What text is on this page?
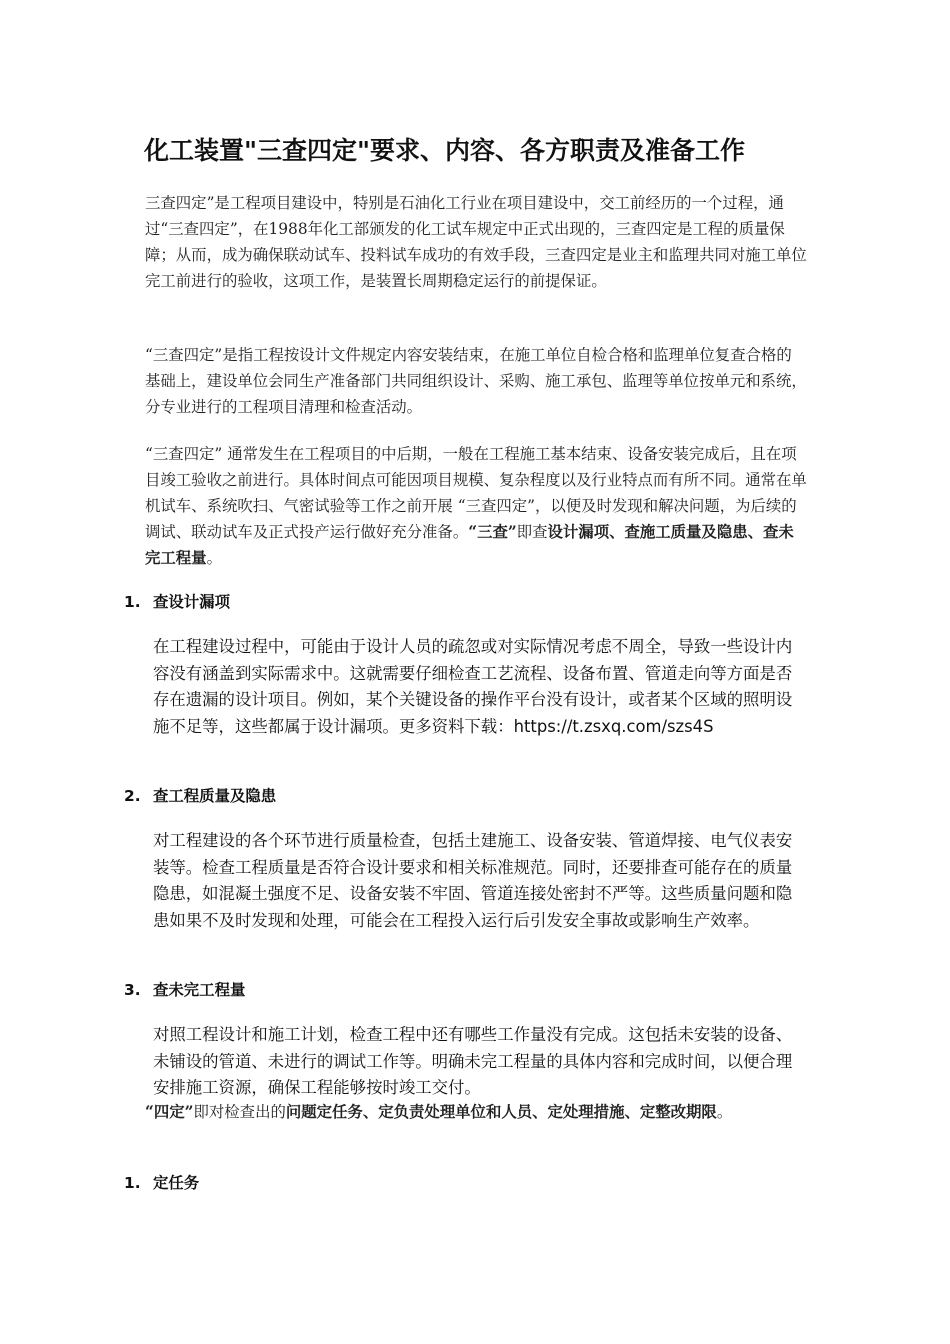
化工装置"三查四定"要求、内容、各方职责及准备工作

三查四定”是工程项目建设中，特别是石油化工行业在项目建设中，交工前经历的一个过程，通过“三查四定”，在1988年化工部颁发的化工试车规定中正式出现的，三查四定是工程的质量保障；从而，成为确保联动试车、投料试车成功的有效手段，三查四定是业主和监理共同对施工单位完工前进行的验收，这项工作，是装置长周期稳定运行的前提保证。

“三查四定”是指工程按设计文件规定内容安装结束，在施工单位自检合格和监理单位复查合格的基础上，建设单位会同生产准备部门共同组织设计、采购、施工承包、监理等单位按单元和系统，分专业进行的工程项目清理和检查活动。

“三查四定” 通常发生在工程项目的中后期，一般在工程施工基本结束、设备安装完成后，且在项目竣工验收之前进行。具体时间点可能因项目规模、复杂程度以及行业特点而有所不同。通常在单机试车、系统吹扫、气密试验等工作之前开展 “三查四定”，以便及时发现和解决问题，为后续的调试、联动试车及正式投产运行做好充分准备。“三查”即查设计漏项、查施工质量及隐患、查未完工程量。

1. 查设计漏项

在工程建设过程中，可能由于设计人员的疏忽或对实际情况考虑不周全，导致一些设计内容没有涵盖到实际需求中。这就需要仔细检查工艺流程、设备布置、管道走向等方面是否存在遗漏的设计项目。例如，某个关键设备的操作平台没有设计，或者某个区域的照明设施不足等，这些都属于设计漏项。更多资料下载：https://t.zsxq.com/szs4S

2. 查工程质量及隐患

对工程建设的各个环节进行质量检查，包括土建施工、设备安装、管道焊接、电气仪表安装等。检查工程质量是否符合设计要求和相关标准规范。同时，还要排查可能存在的质量隐患，如混凝土强度不足、设备安装不牢固、管道连接处密封不严等。这些质量问题和隐患如果不及时发现和处理，可能会在工程投入运行后引发安全事故或影响生产效率。

3. 查未完工程量

对照工程设计和施工计划，检查工程中还有哪些工作量没有完成。这包括未安装的设备、未铺设的管道、未进行的调试工作等。明确未完工程量的具体内容和完成时间，以便合理安排施工资源，确保工程能够按时竣工交付。

“四定”即对检查出的问题定任务、定负责处理单位和人员、定处理措施、定整改期限。

1. 定任务
